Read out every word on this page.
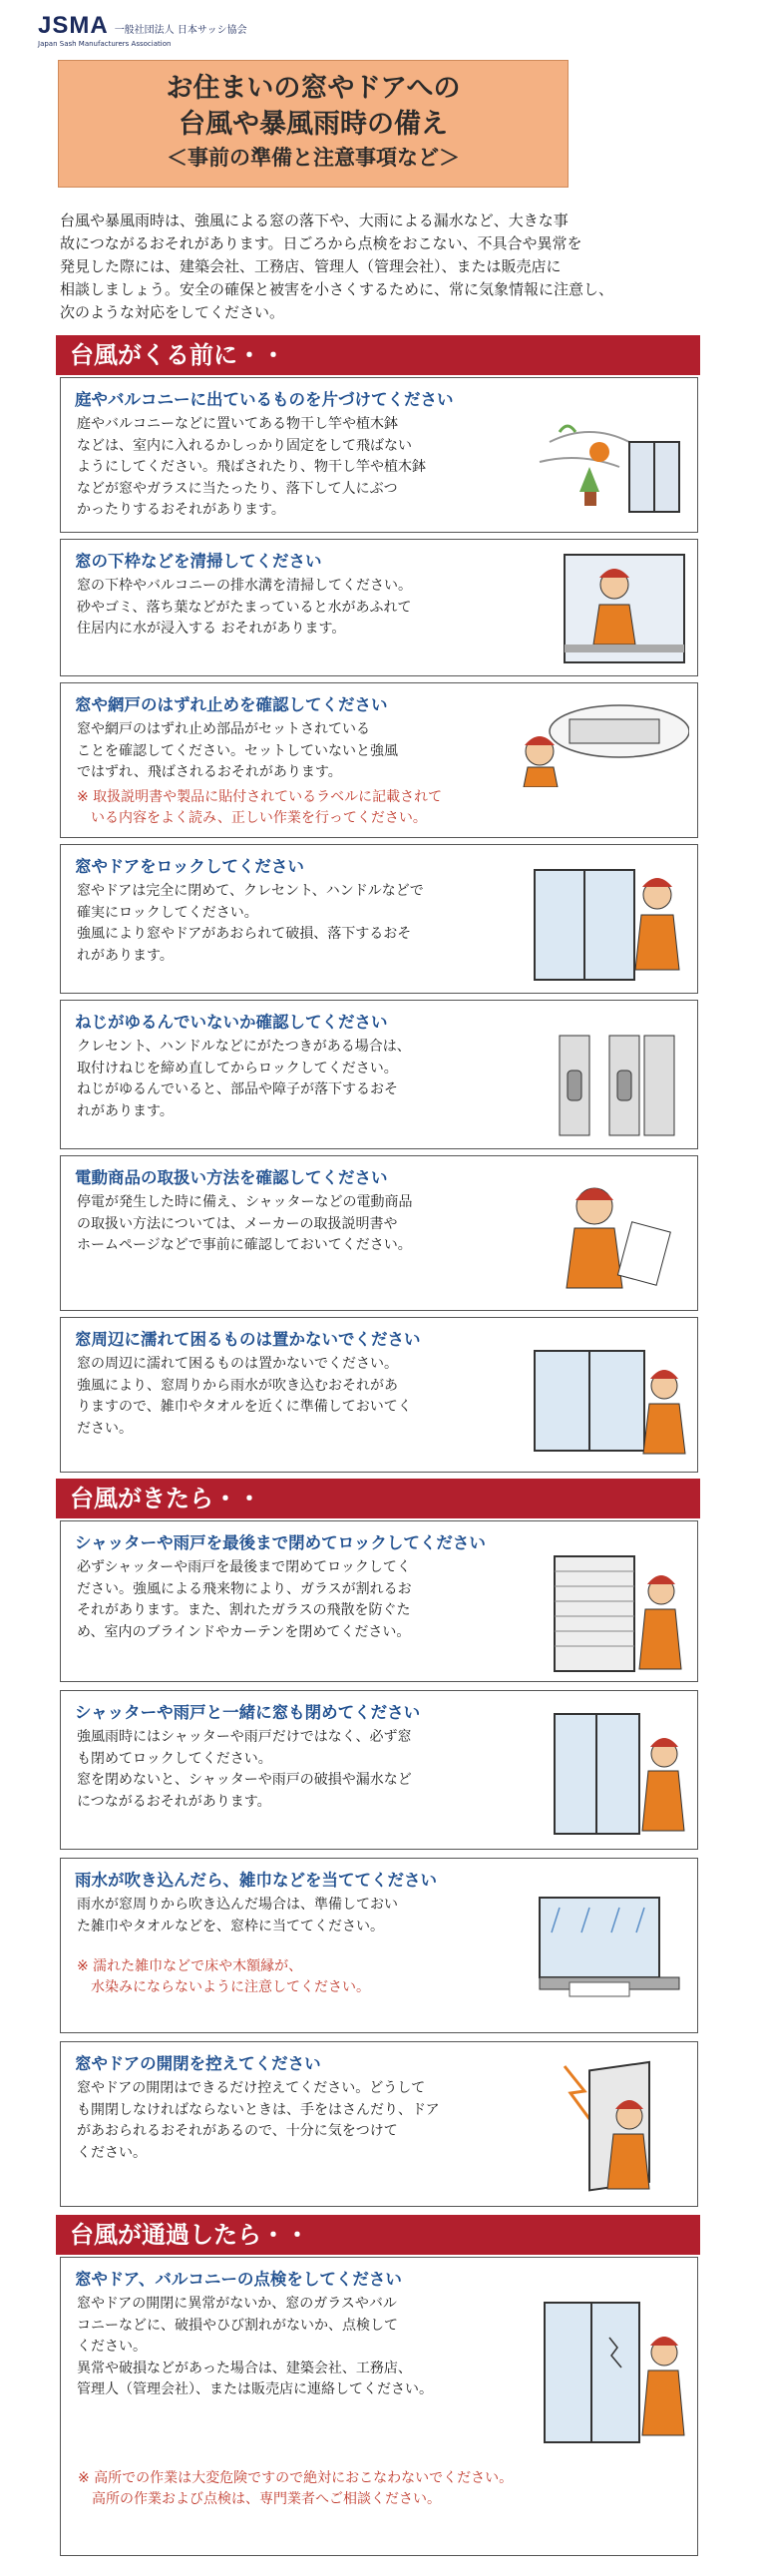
JSMA 一般社団法人 日本サッシ協会
Japan Sash Manufacturers Association
お住まいの窓やドアへの
台風や暴風雨時の備え
＜事前の準備と注意事項など＞
台風や暴風雨時は、強風による窓の落下や、大雨による漏水など、大きな事
故につながるおそれがあります。日ごろから点検をおこない、不具合や異常を
発見した際には、建築会社、工務店、管理人（管理会社）、または販売店に
相談しましょう。安全の確保と被害を小さくするために、常に気象情報に注意し、
次のような対応をしてください。
台風がくる前に・・
庭やバルコニーに出ているものを片づけてください

庭やバルコニーなどに置いてある物干し竿や植木鉢
などは、室内に入れるかしっかり固定をして飛ばない
ようにしてください。飛ばされたり、物干し竿や植木鉢
などが窓やガラスに当たったり、落下して人にぶつ
かったりするおそれがあります。

窓の下枠などを清掃してください

窓の下枠やバルコニーの排水溝を清掃してください。
砂やゴミ、落ち葉などがたまっていると水があふれて
住居内に水が浸入する おそれがあります。

窓や網戸のはずれ止めを確認してください

窓や網戸のはずれ止め部品がセットされている
ことを確認してください。セットしていないと強風
ではずれ、飛ばされるおそれがあります。

※ 取扱説明書や製品に貼付されているラベルに記載されて
いる内容をよく読み、正しい作業を行ってください。
窓やドアをロックしてください

窓やドアは完全に閉めて、クレセント、ハンドルなどで
確実にロックしてください。
強風により窓やドアがあおられて破損、落下するおそ
れがあります。

ねじがゆるんでいないか確認してください

クレセント、ハンドルなどにがたつきがある場合は、
取付けねじを締め直してからロックしてください。
ねじがゆるんでいると、部品や障子が落下するおそ
れがあります。

電動商品の取扱い方法を確認してください

停電が発生した時に備え、シャッターなどの電動商品
の取扱い方法については、メーカーの取扱説明書や
ホームページなどで事前に確認しておいてください。

窓周辺に濡れて困るものは置かないでください

窓の周辺に濡れて困るものは置かないでください。
強風により、窓周りから雨水が吹き込むおそれがあ
りますので、雑巾やタオルを近くに準備しておいてく
ださい。

台風がきたら・・
シャッターや雨戸を最後まで閉めてロックしてください

必ずシャッターや雨戸を最後まで閉めてロックしてく
ださい。強風による飛来物により、ガラスが割れるお
それがあります。また、割れたガラスの飛散を防ぐた
め、室内のブラインドやカーテンを閉めてください。

シャッターや雨戸と一緒に窓も閉めてください

強風雨時にはシャッターや雨戸だけではなく、必ず窓
も閉めてロックしてください。
窓を閉めないと、シャッターや雨戸の破損や漏水など
につながるおそれがあります。

雨水が吹き込んだら、雑巾などを当ててください

雨水が窓周りから吹き込んだ場合は、準備しておい
た雑巾やタオルなどを、窓枠に当ててください。

※ 濡れた雑巾などで床や木額縁が、
水染みにならないように注意してください。
窓やドアの開閉を控えてください

窓やドアの開閉はできるだけ控えてください。どうして
も開閉しなければならないときは、手をはさんだり、ドア
があおられるおそれがあるので、十分に気をつけて
ください。

台風が通過したら・・
窓やドア、バルコニーの点検をしてください

窓やドアの開閉に異常がないか、窓のガラスやバル
コニーなどに、破損やひび割れがないか、点検して
ください。
異常や破損などがあった場合は、建築会社、工務店、
管理人（管理会社）、または販売店に連絡してください。

※ 高所での作業は大変危険ですので絶対におこなわないでください。
高所の作業および点検は、専門業者へご相談ください。
